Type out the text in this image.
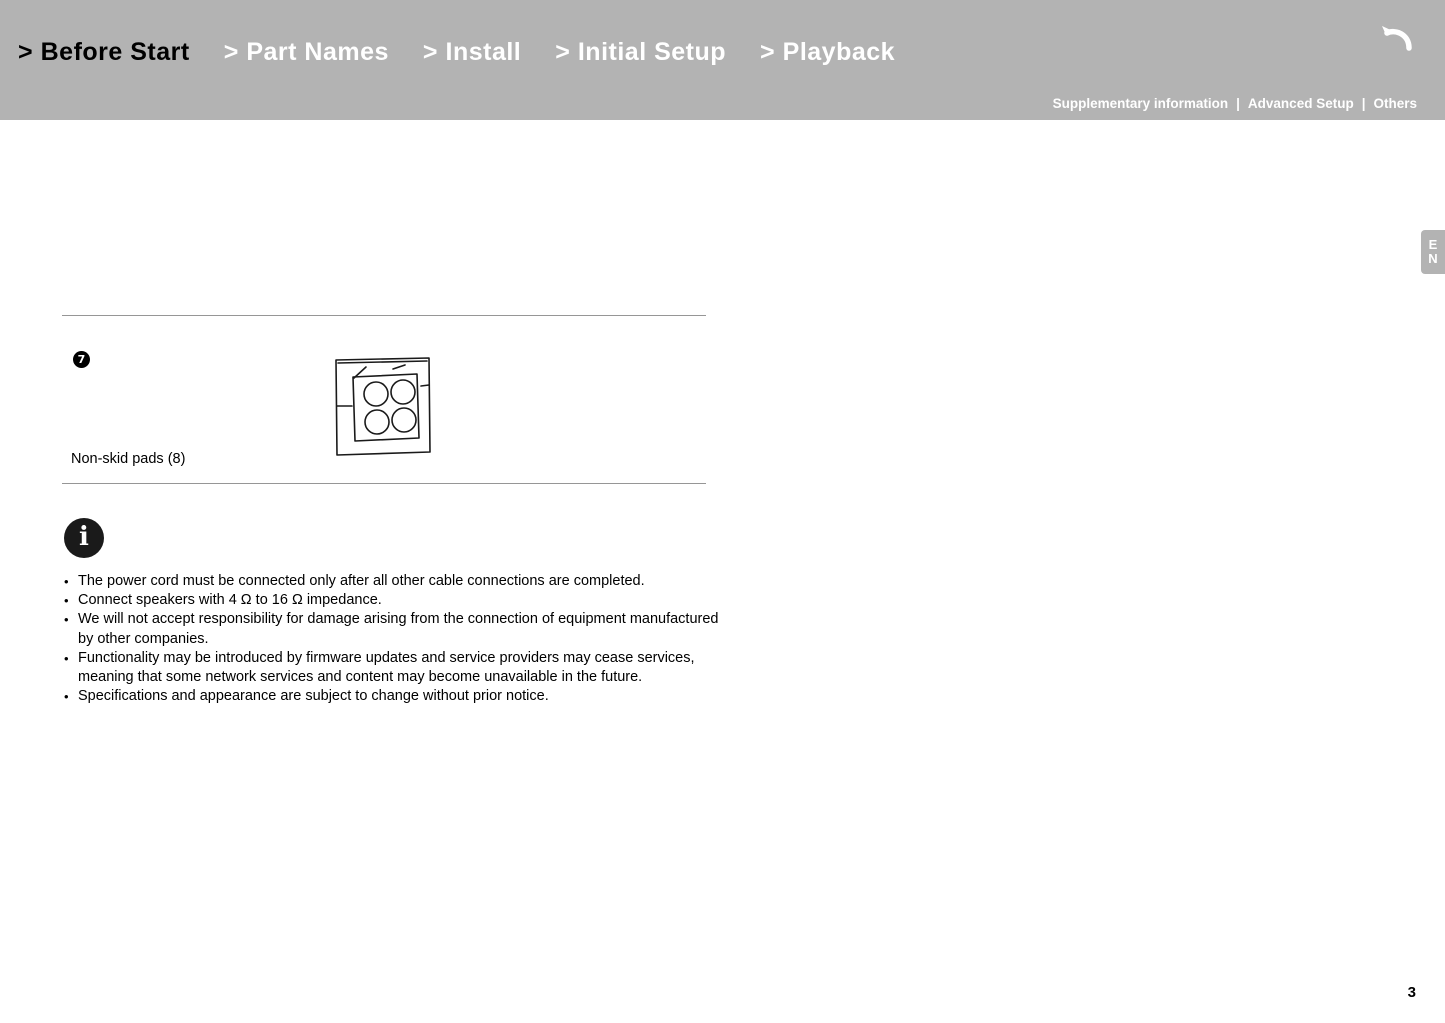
> Before Start > Part Names > Install > Initial Setup > Playback
Supplementary information | Advanced Setup | Others
E
N
7
Non-skid pads (8)
i
• The power cord must be connected only after all other cable connections are completed.
• Connect speakers with 4 Ω to 16 Ω impedance.
• We will not accept responsibility for damage arising from the connection of equipment manufactured by other companies.
• Functionality may be introduced by firmware updates and service providers may cease services, meaning that some network services and content may become unavailable in the future.
• Specifications and appearance are subject to change without prior notice.
3
